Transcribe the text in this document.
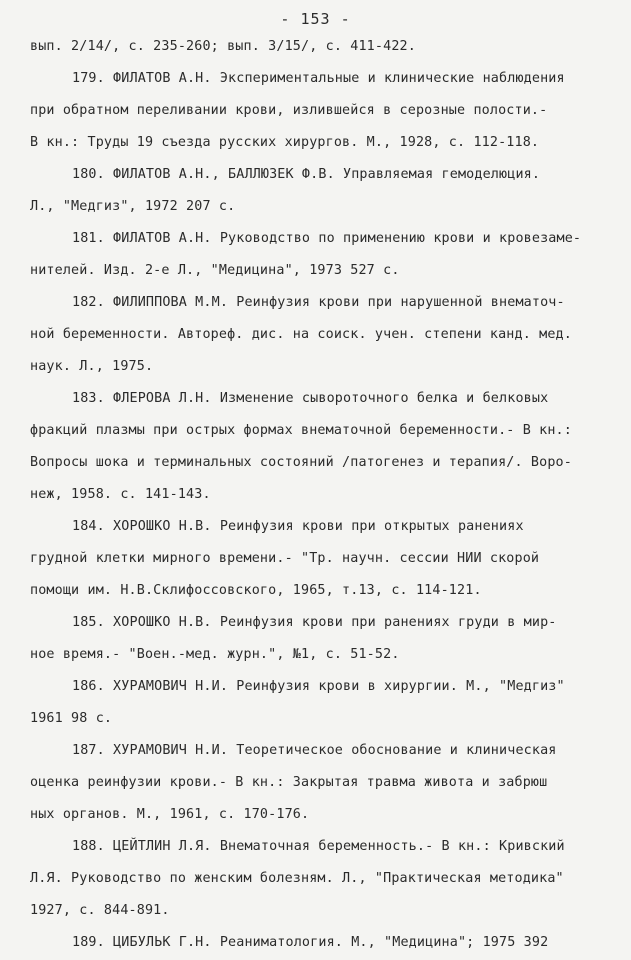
- 153 -
вып. 2/14/, с. 235-260; вып. 3/15/, с. 411-422.
179. ФИЛАТОВ А.Н. Экспериментальные и клинические наблюдения
при обратном переливании крови, излившейся в серозные полости.-
В кн.: Труды 19 съезда русских хирургов. М., 1928, с. 112-118.
180. ФИЛАТОВ А.Н., БАЛЛЮЗЕК Ф.В. Управляемая гемоделюция.
Л., "Медгиз", 1972 207 с.
181. ФИЛАТОВ А.Н. Руководство по применению крови и кровезаме-
нителей. Изд. 2-е Л., "Медицина", 1973 527 с.
182. ФИЛИППОВА М.М. Реинфузия крови при нарушенной внематоч-
ной беременности. Автореф. дис. на соиск. учен. степени канд. мед.
наук. Л., 1975.
183. ФЛЕРОВА Л.Н. Изменение сывороточного белка и белковых
фракций плазмы при острых формах внематочной беременности.- В кн.:
Вопросы шока и терминальных состояний /патогенез и терапия/. Воро-
неж, 1958. с. 141-143.
184. ХОРОШКО Н.В. Реинфузия крови при открытых ранениях
грудной клетки мирного времени.- "Тр. научн. сессии НИИ скорой
помощи им. Н.В.Склифоссовского, 1965, т.13, с. 114-121.
185. ХОРОШКО Н.В. Реинфузия крови при ранениях груди в мир-
ное время.- "Воен.-мед. журн.", №1, с. 51-52.
186. ХУРАМОВИЧ Н.И. Реинфузия крови в хирургии. М., "Медгиз"
1961 98 с.
187. ХУРАМОВИЧ Н.И. Теоретическое обоснование и клиническая
оценка реинфузии крови.- В кн.: Закрытая травма живота и забрюш
ных органов. М., 1961, с. 170-176.
188. ЦЕЙТЛИН Л.Я. Внематочная беременность.- В кн.: Кривский
Л.Я. Руководство по женским болезням. Л., "Практическая методика"
1927, с. 844-891.
189. ЦИБУЛЬК Г.Н. Реаниматология. М., "Медицина"; 1975 392
